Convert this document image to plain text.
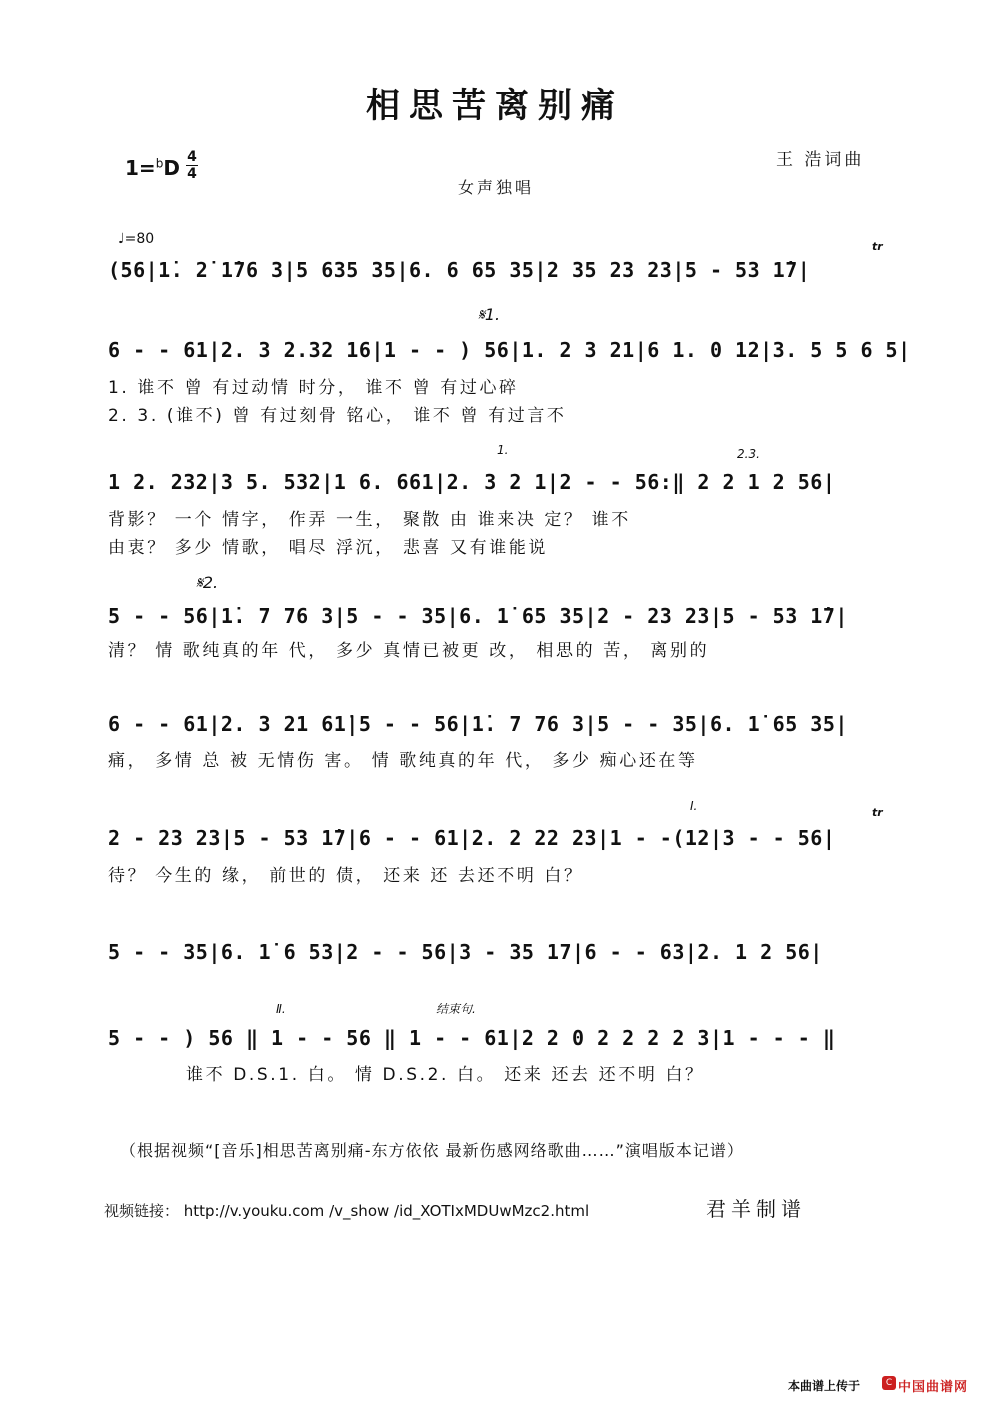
相思苦离别痛
1=$^b$D 4
4
王 浩词曲
女声独唱
♩=80	tr
(56|1̇. 2̇ 1̇76 3|5 635 35|6. 6 65 35|2 35 23 23|5 - 53 1̇7|
𝄋1.
6 - - 61|2. 3 2.32 16|1 - - ) 56|1. 2 3 21|6 1. 0 12|3. 5 5 6 5|
1. 谁不 曾 有过动情 时分， 谁不 曾 有过心碎
2. 3. (谁不) 曾 有过刻骨 铭心， 谁不 曾 有过言不
1.	2.3.
1 2. 232|3 5. 532|1 6. 661|2. 3 2 1|2 - - 56:‖ 2 2 1 2 56|
背影？ 一个 情字， 作弄 一生， 聚散 由 谁来决 定？ 谁不
由衷？ 多少 情歌， 唱尽 浮沉， 悲喜 又有谁能说
𝄋2.
5 - - 56|1̇. 7 76 3|5 - - 35|6. 1̇ 65 35|2 - 23 23|5 - 53 1̇7|
清？ 情 歌纯真的年 代， 多少 真情已被更 改， 相思的 苦， 离别的
6 - - 61|2. 3 21 61̇|5 - - 56|1̇. 7 76 3|5 - - 35|6. 1̇ 65 35|
痛， 多情 总 被 无情伤 害。 情 歌纯真的年 代， 多少 痴心还在等
Ⅰ.	tr
2 - 23 23|5 - 53 1̇7|6 - - 61|2. 2 22 23|1 - -(12|3 - - 56|
待？ 今生的 缘， 前世的 债， 还来 还 去还不明 白？
5 - - 35|6. 1̇ 6 53|2 - - 56|3 - 35 17|6 - - 63|2. 1 2 56|
Ⅱ.	结束句.
5 - - ) 56 ‖ 1 - - 56 ‖ 1 - - 61|2 2 0 2 2 2 2 3|1 - - - ‖
谁不 D.S.1. 白。 情 D.S.2. 白。 还来 还去 还不明 白？
（根据视频“[音乐]相思苦离别痛-东方依依 最新伤感网络歌曲……”演唱版本记谱）
视频链接： http://v.youku.com /v_show /id_XOTIxMDUwMzc2.html	君羊制谱
本曲谱上传于	C 中国曲谱网
